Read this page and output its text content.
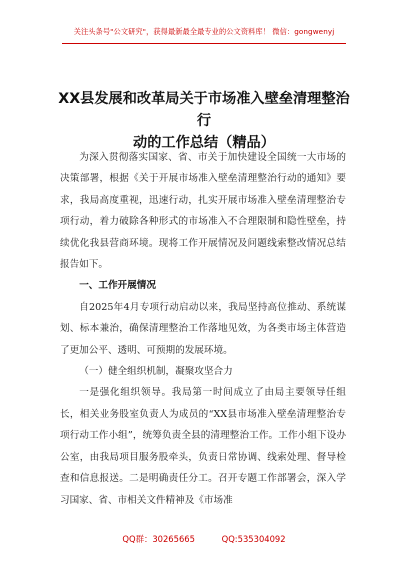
关注头条号"公文研究"，获得最新最全最专业的公文资料库！ 微信：gongwenyj
XX县发展和改革局关于市场准入壁垒清理整治行
动的工作总结（精品）

为深入贯彻落实国家、省、市关于加快建设全国统一大市场的决策部署，根据《关于开展市场准入壁垒清理整治行动的通知》要求，我局高度重视，迅速行动，扎实开展市场准入壁垒清理整治专项行动，着力破除各种形式的市场准入不合理限制和隐性壁垒，持续优化我县营商环境。现将工作开展情况及问题线索整改情况总结报告如下。

一、工作开展情况

自2025年4月专项行动启动以来，我局坚持高位推动、系统谋划、标本兼治，确保清理整治工作落地见效，为各类市场主体营造了更加公平、透明、可预期的发展环境。

（一）健全组织机制，凝聚攻坚合力

一是强化组织领导。我局第一时间成立了由局主要领导任组长，相关业务股室负责人为成员的“XX县市场准入壁垒清理整治专项行动工作小组”，统筹负责全县的清理整治工作。工作小组下设办公室，由我局项目服务股牵头，负责日常协调、线索处理、督导检查和信息报送。二是明确责任分工。召开专题工作部署会，深入学习国家、省、市相关文件精神及《市场准

QQ群：30265665	QQ:535304092
